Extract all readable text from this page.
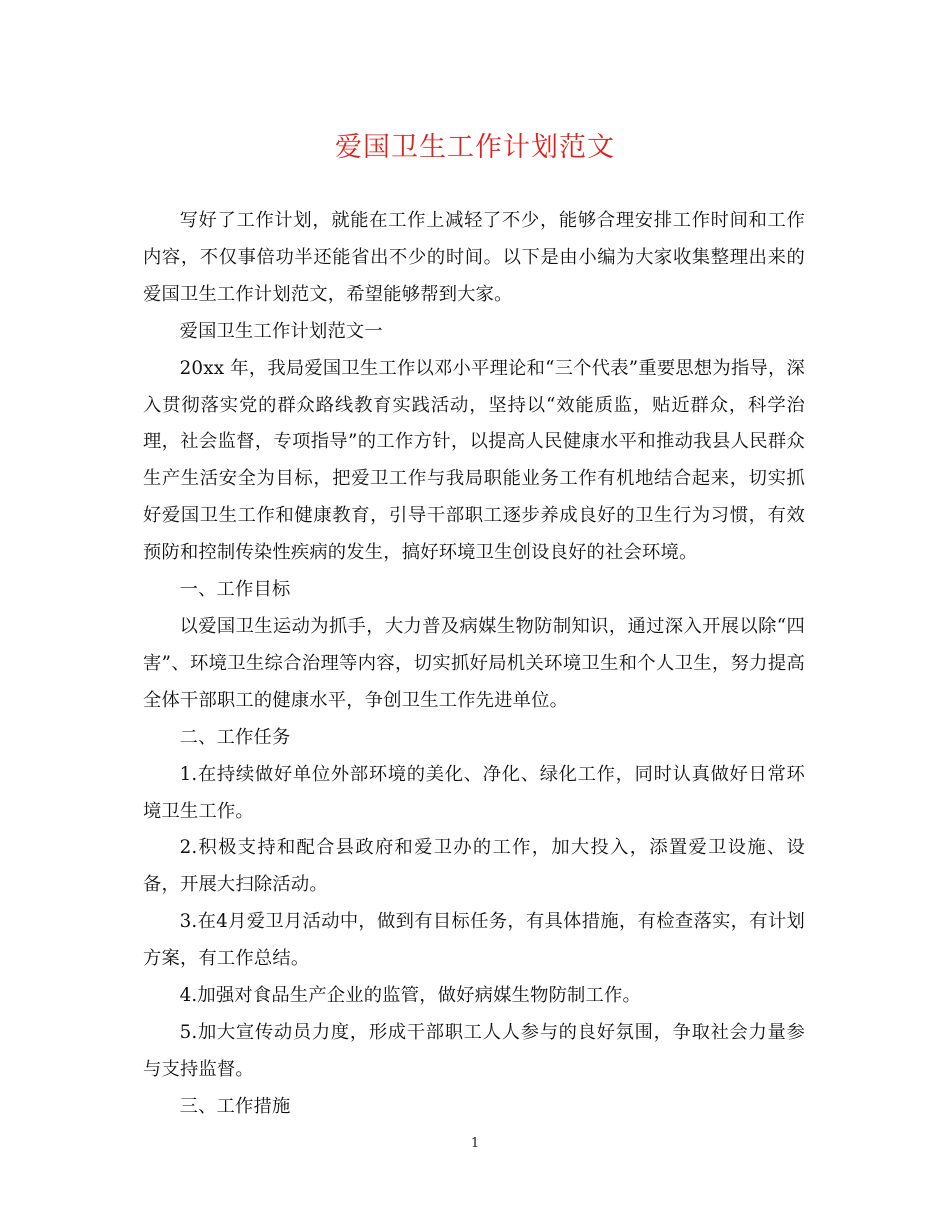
爱国卫生工作计划范文

写好了工作计划，就能在工作上减轻了不少，能够合理安排工作时间和工作内容，不仅事倍功半还能省出不少的时间。以下是由小编为大家收集整理出来的爱国卫生工作计划范文，希望能够帮到大家。

爱国卫生工作计划范文一

20xx 年，我局爱国卫生工作以邓小平理论和“三个代表”重要思想为指导，深入贯彻落实党的群众路线教育实践活动，坚持以“效能质监，贴近群众，科学治理，社会监督，专项指导”的工作方针，以提高人民健康水平和推动我县人民群众生产生活安全为目标，把爱卫工作与我局职能业务工作有机地结合起来，切实抓好爱国卫生工作和健康教育，引导干部职工逐步养成良好的卫生行为习惯，有效预防和控制传染性疾病的发生，搞好环境卫生创设良好的社会环境。

一、工作目标

以爱国卫生运动为抓手，大力普及病媒生物防制知识，通过深入开展以除“四害”、环境卫生综合治理等内容，切实抓好局机关环境卫生和个人卫生，努力提高全体干部职工的健康水平，争创卫生工作先进单位。

二、工作任务

1.在持续做好单位外部环境的美化、净化、绿化工作，同时认真做好日常环境卫生工作。

2.积极支持和配合县政府和爱卫办的工作，加大投入，添置爱卫设施、设备，开展大扫除活动。

3.在4月爱卫月活动中，做到有目标任务，有具体措施，有检查落实，有计划方案，有工作总结。

4.加强对食品生产企业的监管，做好病媒生物防制工作。

5.加大宣传动员力度，形成干部职工人人参与的良好氛围，争取社会力量参与支持监督。

三、工作措施

1
